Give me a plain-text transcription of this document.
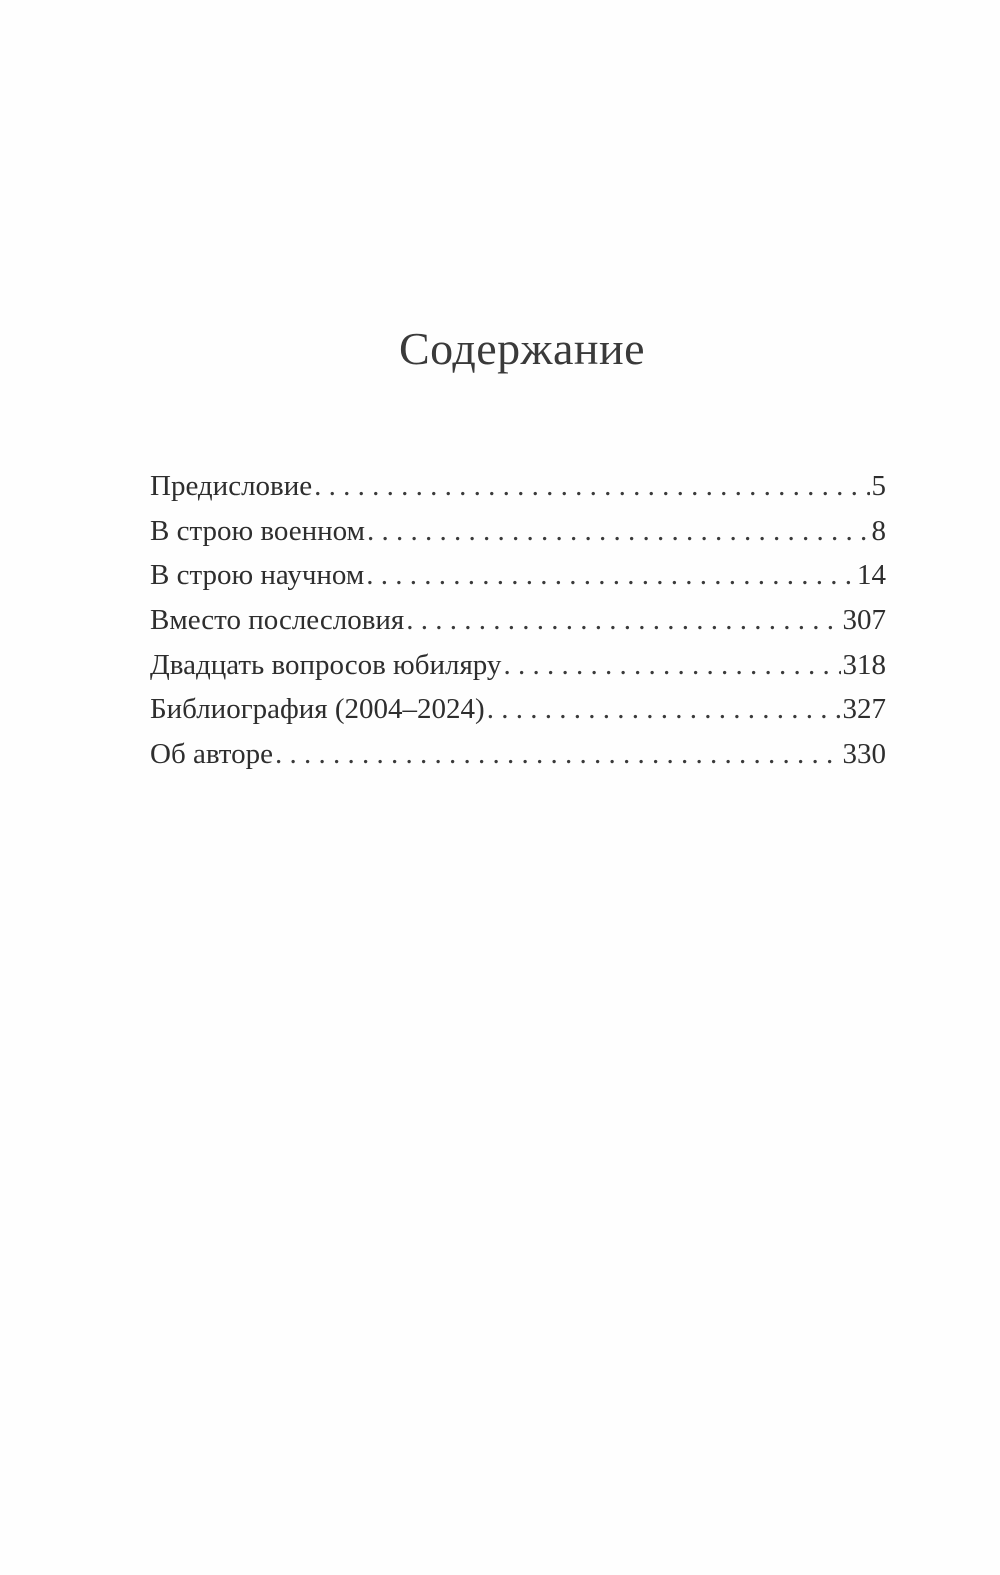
Содержание
Предисловие . . .	5
В строю военном . . .	8
В строю научном . . .	14
Вместо послесловия . . .	307
Двадцать вопросов юбиляру . . .	318
Библиография (2004–2024) . . .	327
Об авторе . . .	330
